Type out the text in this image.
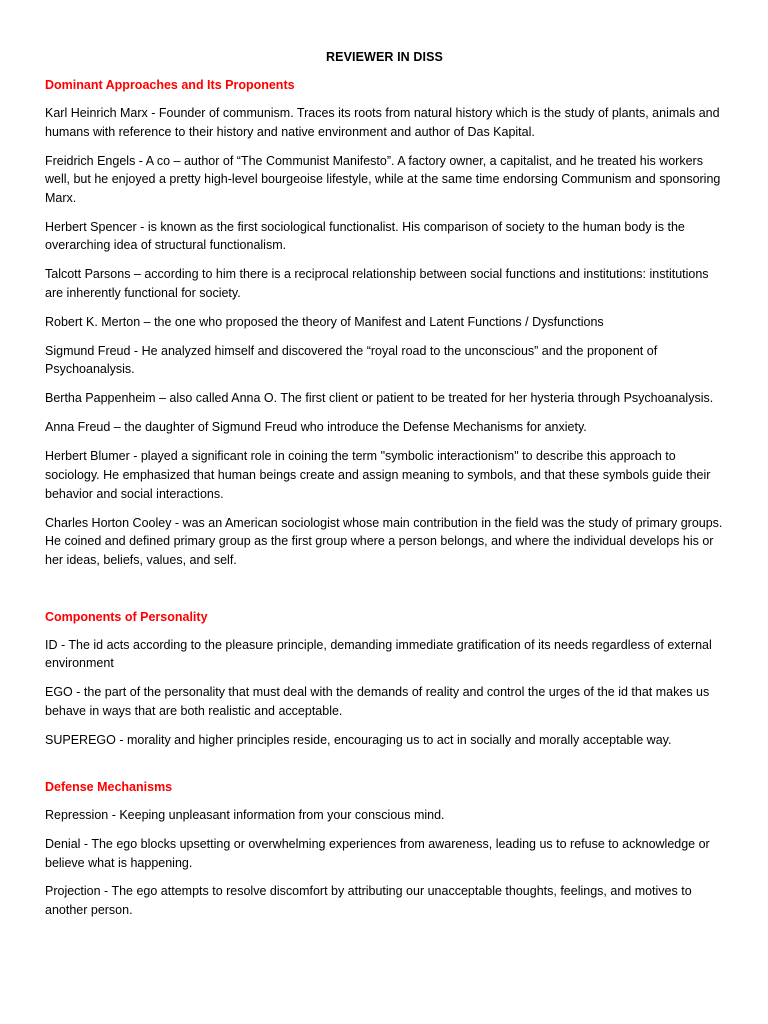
REVIEWER IN DISS
Dominant Approaches and Its Proponents

Karl Heinrich Marx - Founder of communism. Traces its roots from natural history which is the study of plants, animals and humans with reference to their history and native environment and author of Das Kapital.

Freidrich Engels - A co – author of “The Communist Manifesto”. A factory owner, a capitalist, and he treated his workers well, but he enjoyed a pretty high-level bourgeoise lifestyle, while at the same time endorsing Communism and sponsoring Marx.

Herbert Spencer - is known as the first sociological functionalist. His comparison of society to the human body is the overarching idea of structural functionalism.

Talcott Parsons – according to him there is a reciprocal relationship between social functions and institutions: institutions are inherently functional for society.

Robert K. Merton – the one who proposed the theory of Manifest and Latent Functions / Dysfunctions

Sigmund Freud - He analyzed himself and discovered the “royal road to the unconscious” and the proponent of Psychoanalysis.

Bertha Pappenheim – also called Anna O. The first client or patient to be treated for her hysteria through Psychoanalysis.

Anna Freud – the daughter of Sigmund Freud who introduce the Defense Mechanisms for anxiety.

Herbert Blumer - played a significant role in coining the term "symbolic interactionism" to describe this approach to sociology. He emphasized that human beings create and assign meaning to symbols, and that these symbols guide their behavior and social interactions.

Charles Horton Cooley - was an American sociologist whose main contribution in the field was the study of primary groups. He coined and defined primary group as the first group where a person belongs, and where the individual develops his or her ideas, beliefs, values, and self.

Components of Personality

ID - The id acts according to the pleasure principle, demanding immediate gratification of its needs regardless of external environment

EGO - the part of the personality that must deal with the demands of reality and control the urges of the id that makes us behave in ways that are both realistic and acceptable.

SUPEREGO - morality and higher principles reside, encouraging us to act in socially and morally acceptable way.

Defense Mechanisms

Repression - Keeping unpleasant information from your conscious mind.

Denial - The ego blocks upsetting or overwhelming experiences from awareness, leading us to refuse to acknowledge or believe what is happening.

Projection - The ego attempts to resolve discomfort by attributing our unacceptable thoughts, feelings, and motives to another person.
